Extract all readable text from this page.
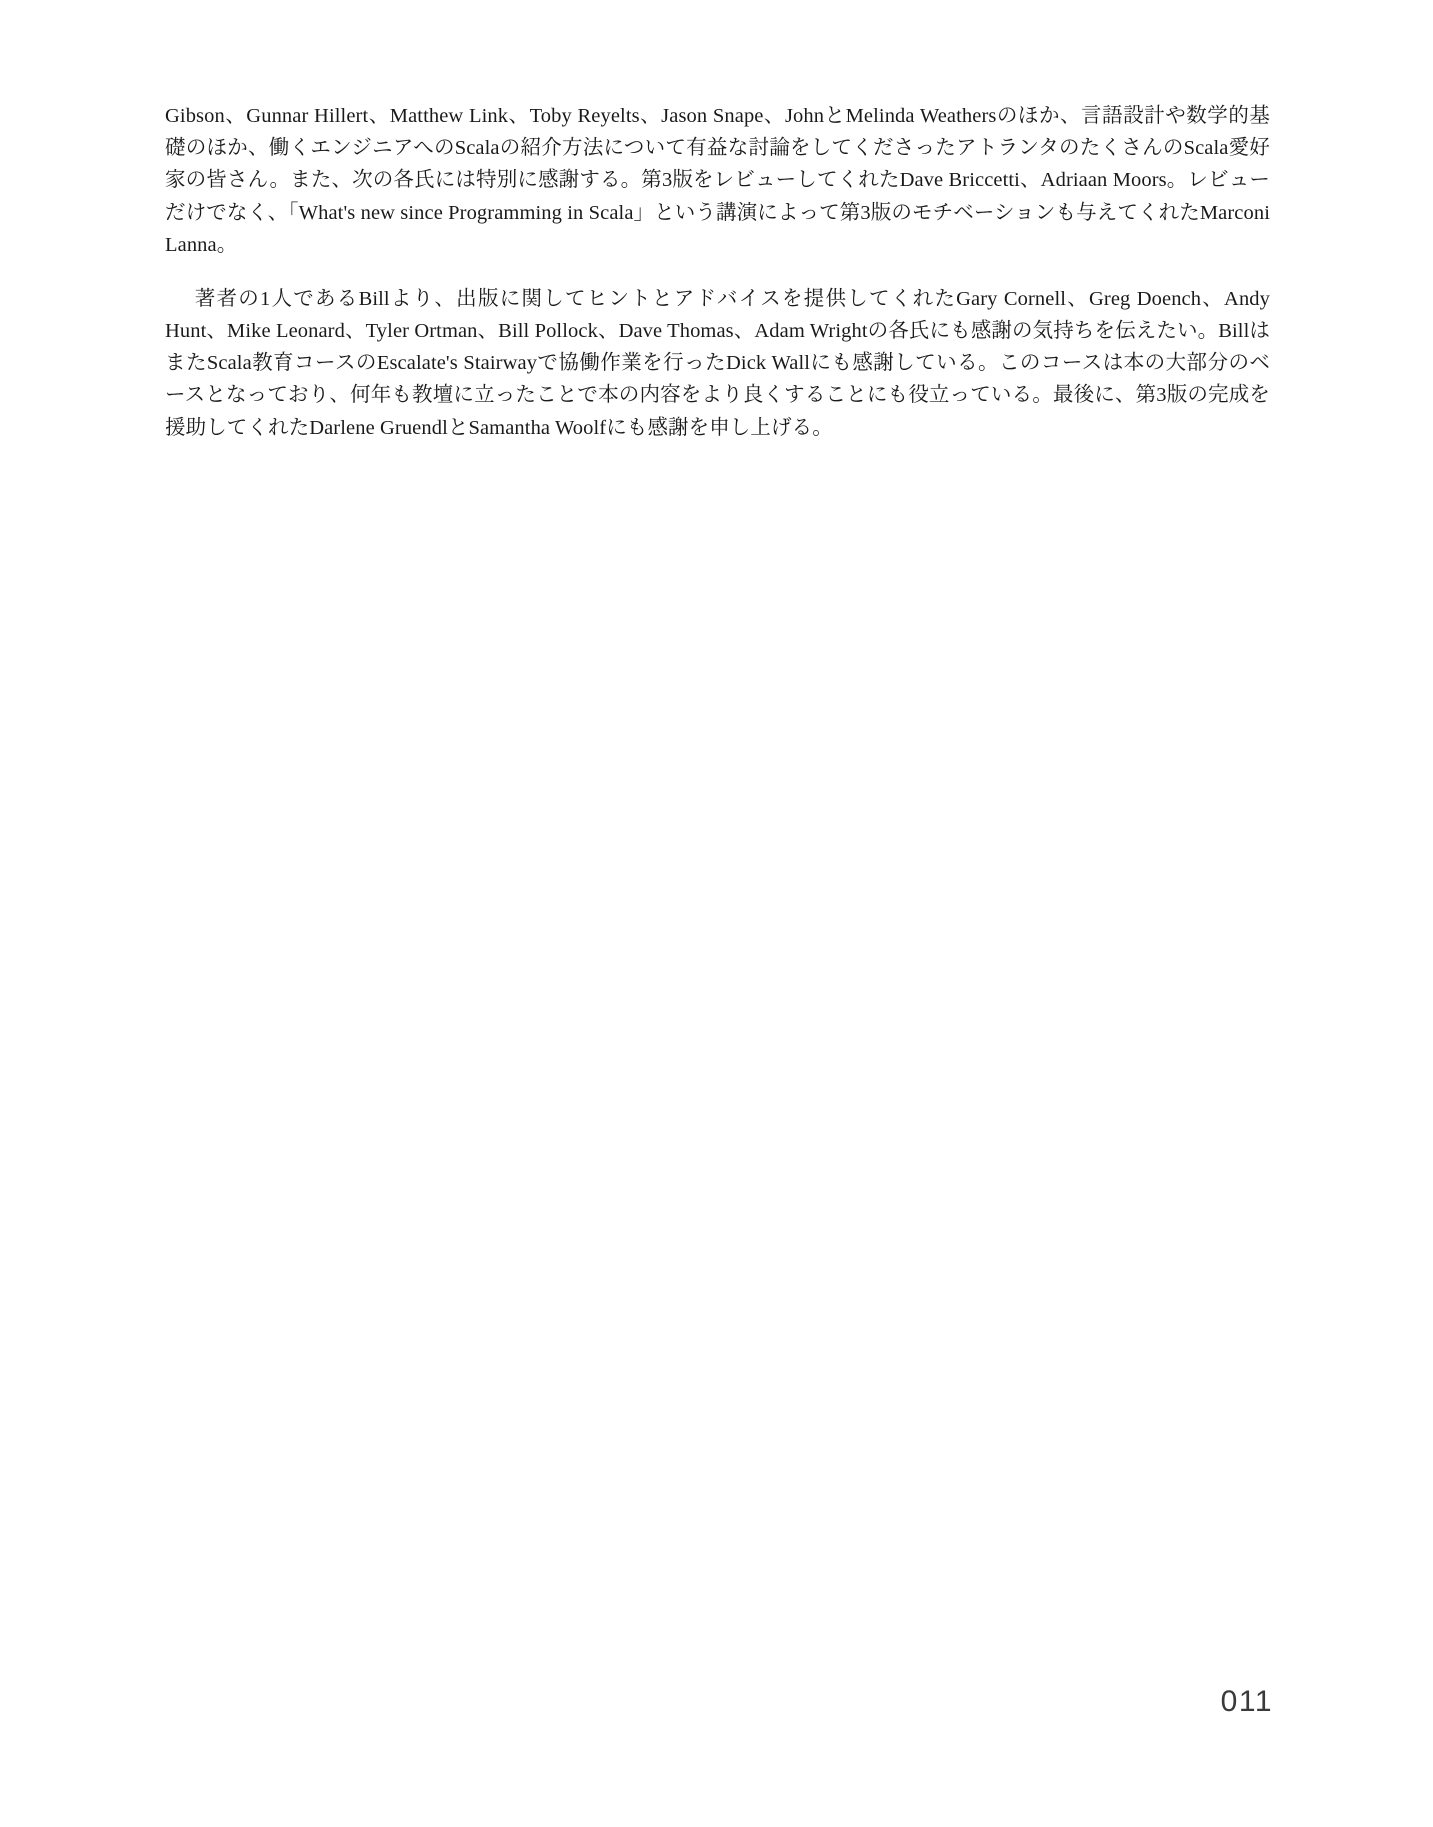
Gibson、Gunnar Hillert、Matthew Link、Toby Reyelts、Jason Snape、JohnとMelinda Weathersのほか、言語設計や数学的基礎のほか、働くエンジニアへのScalaの紹介方法について有益な討論をしてくださったアトランタのたくさんのScala愛好家の皆さん。また、次の各氏には特別に感謝する。第3版をレビューしてくれたDave Briccetti、Adriaan Moors。レビューだけでなく、「What's new since Programming in Scala」という講演によって第3版のモチベーションも与えてくれたMarconi Lanna。

著者の1人であるBillより、出版に関してヒントとアドバイスを提供してくれたGary Cornell、Greg Doench、Andy Hunt、Mike Leonard、Tyler Ortman、Bill Pollock、Dave Thomas、Adam Wrightの各氏にも感謝の気持ちを伝えたい。BillはまたScala教育コースのEscalate's Stairwayで協働作業を行ったDick Wallにも感謝している。このコースは本の大部分のベースとなっており、何年も教壇に立ったことで本の内容をより良くすることにも役立っている。最後に、第3版の完成を援助してくれたDarlene GruendlとSamantha Woolfにも感謝を申し上げる。

011
